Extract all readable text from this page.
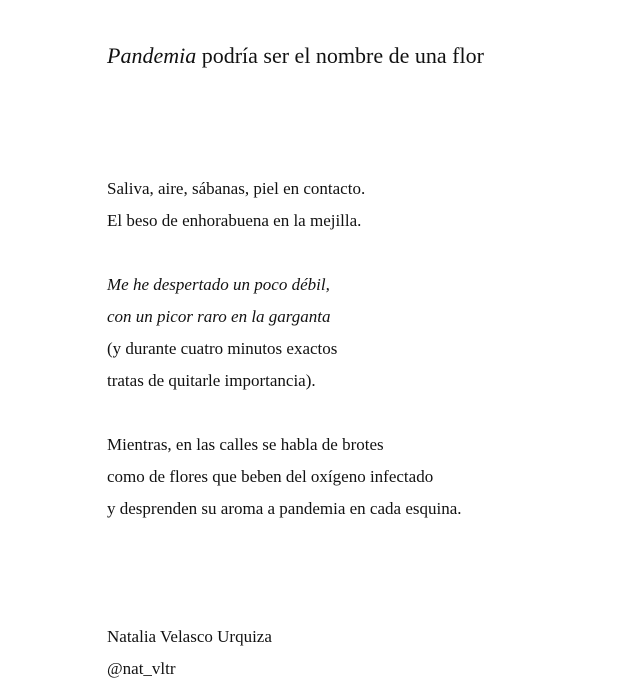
Pandemia podría ser el nombre de una flor
Saliva, aire, sábanas, piel en contacto.
El beso de enhorabuena en la mejilla.
Me he despertado un poco débil,
con un picor raro en la garganta
(y durante cuatro minutos exactos
tratas de quitarle importancia).
Mientras, en las calles se habla de brotes
como de flores que beben del oxígeno infectado
y desprenden su aroma a pandemia en cada esquina.
Natalia Velasco Urquiza
@nat_vltr
